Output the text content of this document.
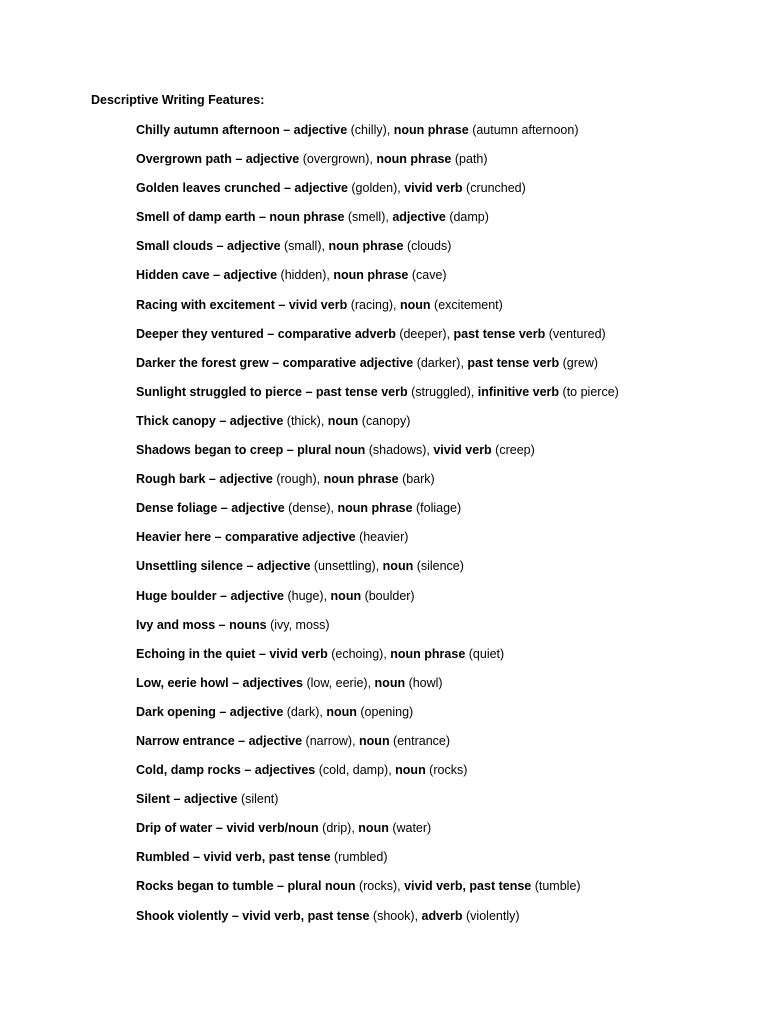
Descriptive Writing Features:
Chilly autumn afternoon – adjective (chilly), noun phrase (autumn afternoon)
Overgrown path – adjective (overgrown), noun phrase (path)
Golden leaves crunched – adjective (golden), vivid verb (crunched)
Smell of damp earth – noun phrase (smell), adjective (damp)
Small clouds – adjective (small), noun phrase (clouds)
Hidden cave – adjective (hidden), noun phrase (cave)
Racing with excitement – vivid verb (racing), noun (excitement)
Deeper they ventured – comparative adverb (deeper), past tense verb (ventured)
Darker the forest grew – comparative adjective (darker), past tense verb (grew)
Sunlight struggled to pierce – past tense verb (struggled), infinitive verb (to pierce)
Thick canopy – adjective (thick), noun (canopy)
Shadows began to creep – plural noun (shadows), vivid verb (creep)
Rough bark – adjective (rough), noun phrase (bark)
Dense foliage – adjective (dense), noun phrase (foliage)
Heavier here – comparative adjective (heavier)
Unsettling silence – adjective (unsettling), noun (silence)
Huge boulder – adjective (huge), noun (boulder)
Ivy and moss – nouns (ivy, moss)
Echoing in the quiet – vivid verb (echoing), noun phrase (quiet)
Low, eerie howl – adjectives (low, eerie), noun (howl)
Dark opening – adjective (dark), noun (opening)
Narrow entrance – adjective (narrow), noun (entrance)
Cold, damp rocks – adjectives (cold, damp), noun (rocks)
Silent – adjective (silent)
Drip of water – vivid verb/noun (drip), noun (water)
Rumbled – vivid verb, past tense (rumbled)
Rocks began to tumble – plural noun (rocks), vivid verb, past tense (tumble)
Shook violently – vivid verb, past tense (shook), adverb (violently)
